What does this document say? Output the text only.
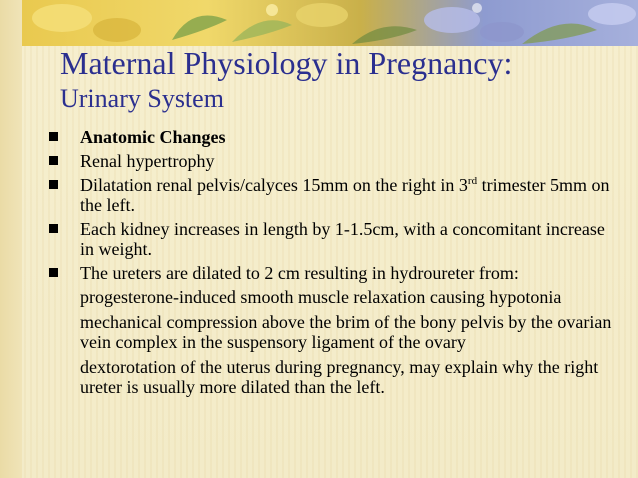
Maternal Physiology in Pregnancy:
Urinary System
Anatomic Changes
Renal hypertrophy
Dilatation renal pelvis/calyces 15mm on the right in 3rd trimester 5mm on the left.
Each kidney increases in length by 1-1.5cm, with a concomitant increase in weight.
The ureters are dilated to 2 cm resulting in hydroureter from:
progesterone-induced smooth muscle relaxation causing hypotonia
mechanical compression above the brim of the bony pelvis by the ovarian vein complex in the suspensory ligament of the ovary
dextorotation of the uterus during pregnancy, may explain why the right ureter is usually more dilated than the left.
